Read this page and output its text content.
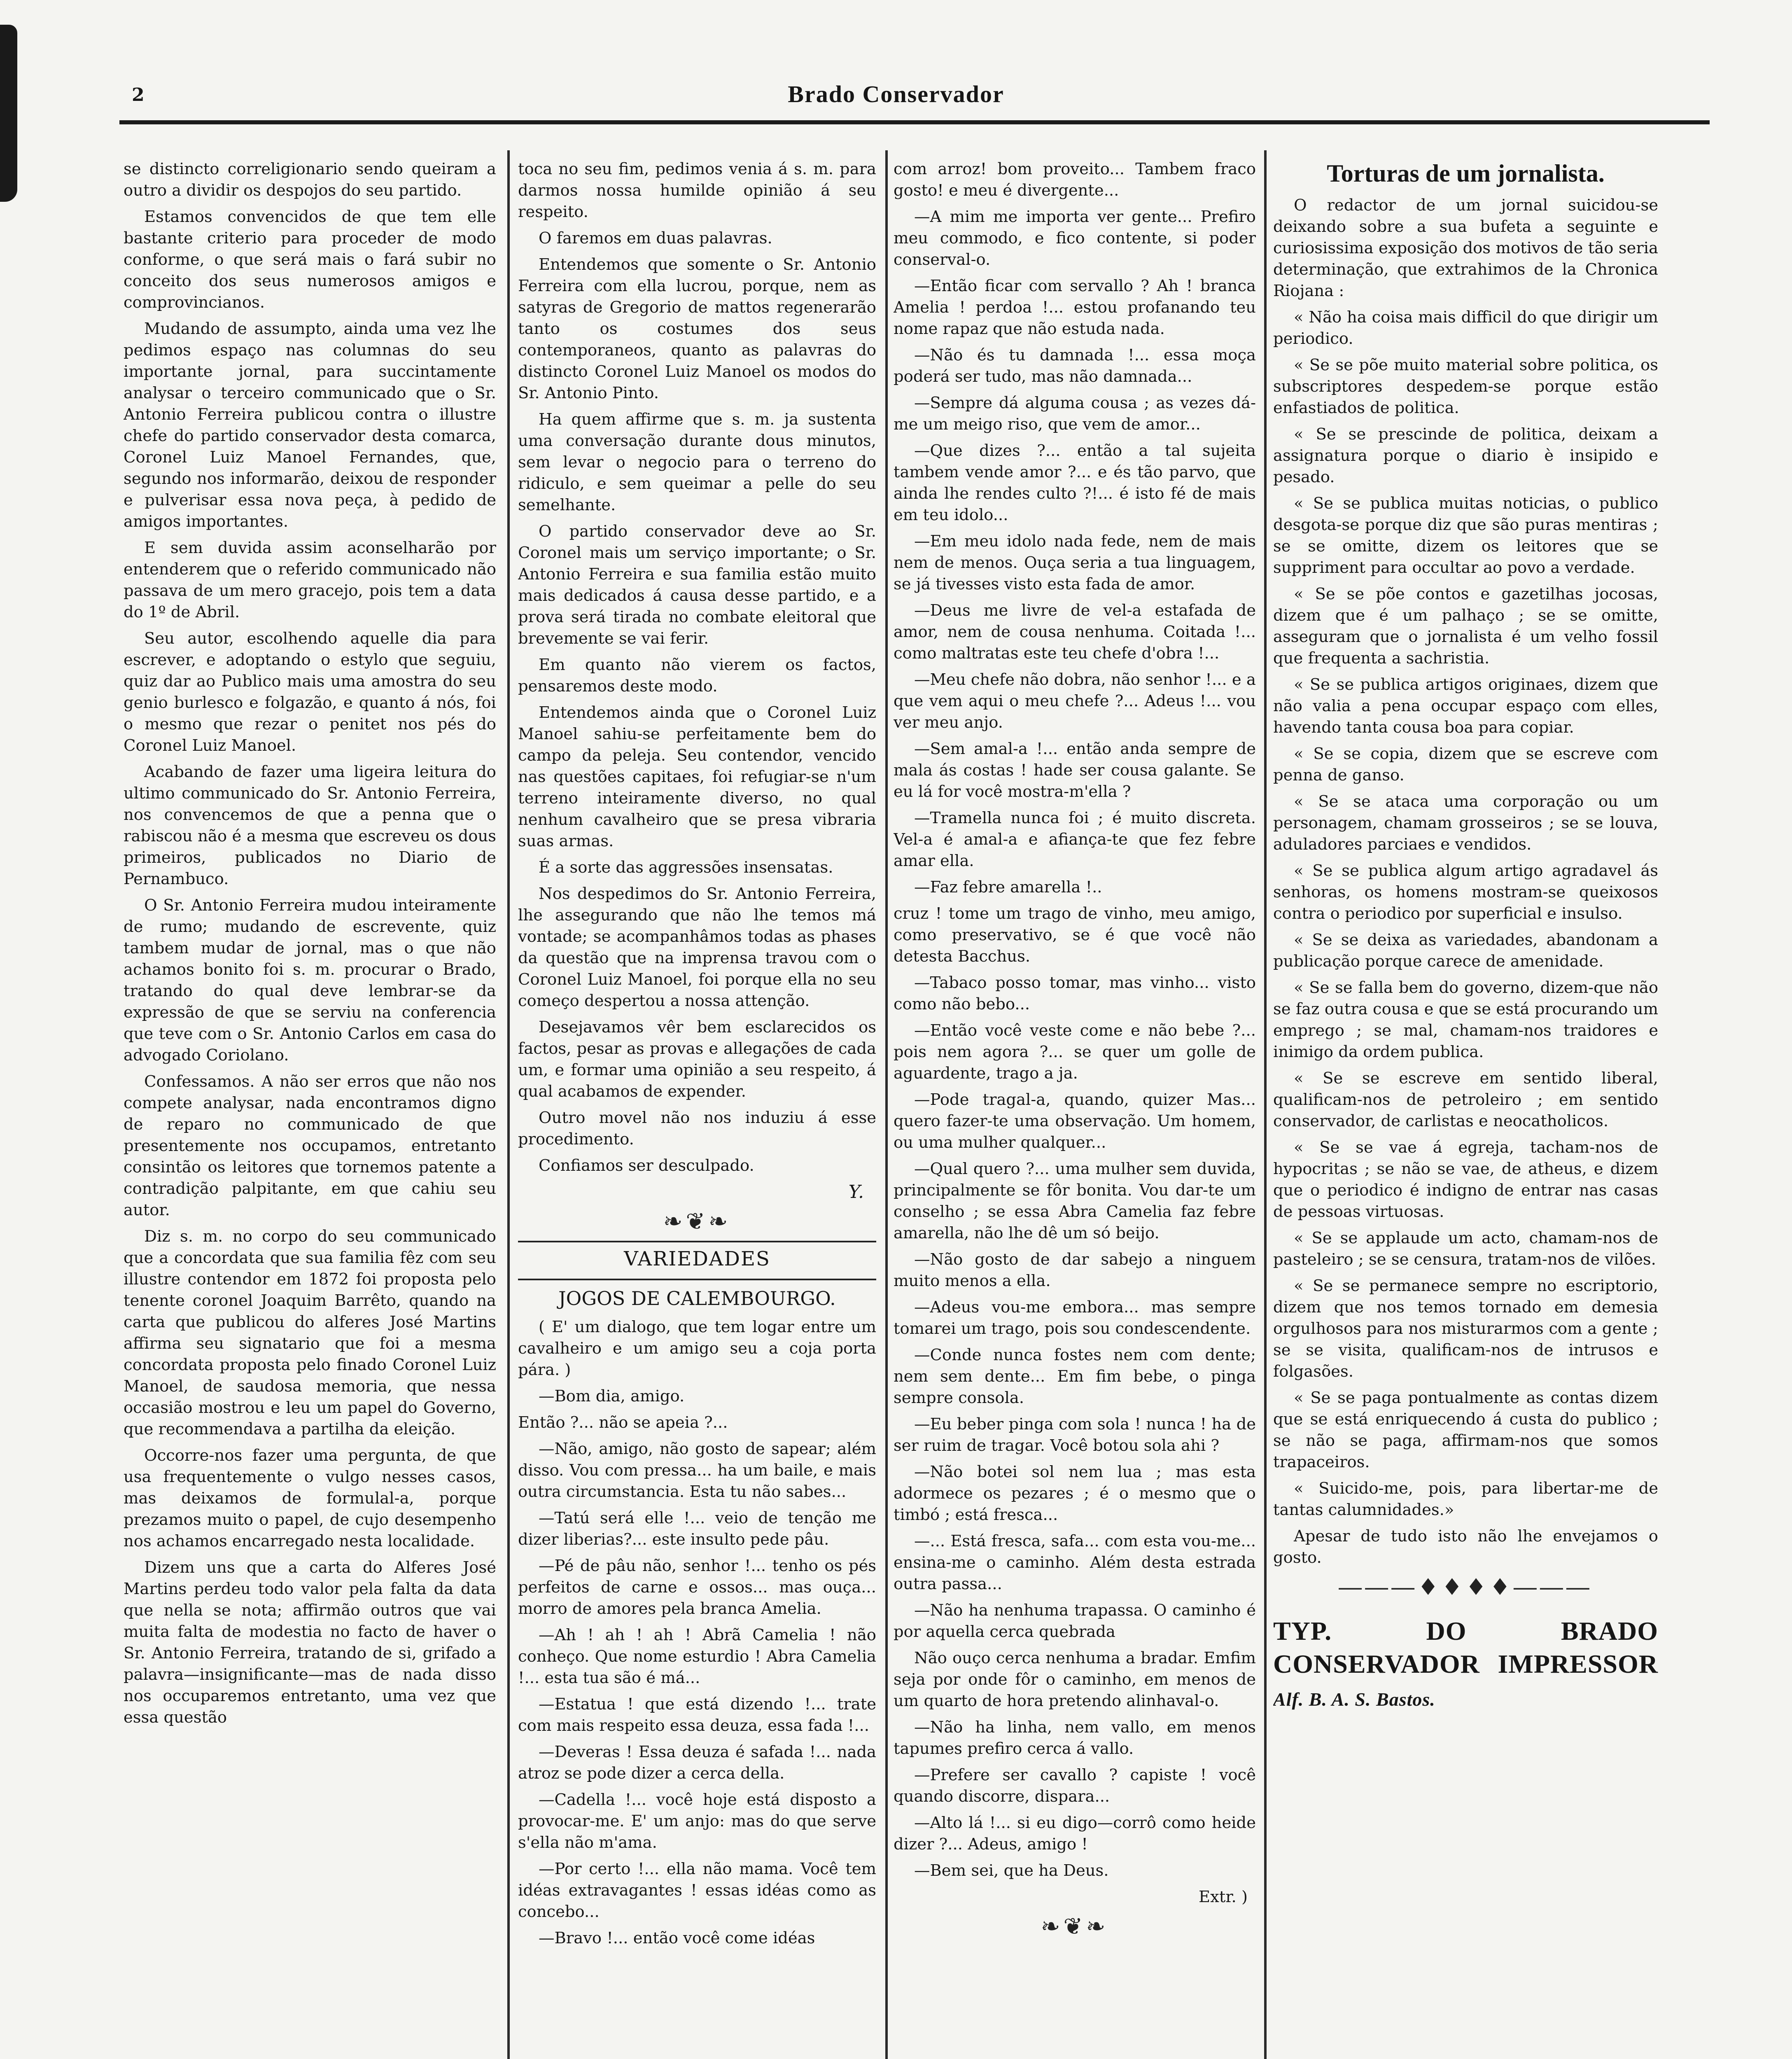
2	Brado Conservador

se distincto correligionario sendo queiram a outro a dividir os despojos do seu partido.

Estamos convencidos de que tem elle bastante criterio para proceder de modo conforme, o que será mais o fará subir no conceito dos seus numerosos amigos e comprovincianos.

Mudando de assumpto, ainda uma vez lhe pedimos espaço nas columnas do seu importante jornal, para succintamente analysar o terceiro communicado que o Sr. Antonio Ferreira publicou contra o illustre chefe do partido conservador desta comarca, Coronel Luiz Manoel Fernandes, que, segundo nos informarão, deixou de responder e pulverisar essa nova peça, à pedido de amigos importantes.

E sem duvida assim aconselharão por entenderem que o referido communicado não passava de um mero gracejo, pois tem a data do 1º de Abril.

Seu autor, escolhendo aquelle dia para escrever, e adoptando o estylo que seguiu, quiz dar ao Publico mais uma amostra do seu genio burlesco e folgazão, e quanto á nós, foi o mesmo que rezar o penitet nos pés do Coronel Luiz Manoel.

Acabando de fazer uma ligeira leitura do ultimo communicado do Sr. Antonio Ferreira, nos convencemos de que a penna que o rabiscou não é a mesma que escreveu os dous primeiros, publicados no Diario de Pernambuco.

O Sr. Antonio Ferreira mudou inteiramente de rumo; mudando de escrevente, quiz tambem mudar de jornal, mas o que não achamos bonito foi s. m. procurar o Brado, tratando do qual deve lembrar-se da expressão de que se serviu na conferencia que teve com o Sr. Antonio Carlos em casa do advogado Coriolano.

Confessamos. A não ser erros que não nos compete analysar, nada encontramos digno de reparo no communicado de que presentemente nos occupamos, entretanto consintão os leitores que tornemos patente a contradição palpitante, em que cahiu seu autor.

Diz s. m. no corpo do seu communicado que a concordata que sua familia fêz com seu illustre contendor em 1872 foi proposta pelo tenente coronel Joaquim Barrêto, quando na carta que publicou do alferes José Martins affirma seu signatario que foi a mesma concordata proposta pelo finado Coronel Luiz Manoel, de saudosa memoria, que nessa occasião mostrou e leu um papel do Governo, que recommendava a partilha da eleição.

Occorre-nos fazer uma pergunta, de que usa frequentemente o vulgo nesses casos, mas deixamos de formulal-a, porque prezamos muito o papel, de cujo desempenho nos achamos encarregado nesta localidade.

Dizem uns que a carta do Alferes José Martins perdeu todo valor pela falta da data que nella se nota; affirmão outros que vai muita falta de modestia no facto de haver o Sr. Antonio Ferreira, tratando de si, grifado a palavra—insignificante—mas de nada disso nos occuparemos entretanto, uma vez que essa questão

toca no seu fim, pedimos venia á s. m. para darmos nossa humilde opinião á seu respeito.

O faremos em duas palavras.

Entendemos que somente o Sr. Antonio Ferreira com ella lucrou, porque, nem as satyras de Gregorio de mattos regenerarão tanto os costumes dos seus contemporaneos, quanto as palavras do distincto Coronel Luiz Manoel os modos do Sr. Antonio Pinto.

Ha quem affirme que s. m. ja sustenta uma conversação durante dous minutos, sem levar o negocio para o terreno do ridiculo, e sem queimar a pelle do seu semelhante.

O partido conservador deve ao Sr. Coronel mais um serviço importante; o Sr. Antonio Ferreira e sua familia estão muito mais dedicados á causa desse partido, e a prova será tirada no combate eleitoral que brevemente se vai ferir.

Em quanto não vierem os factos, pensaremos deste modo.

Entendemos ainda que o Coronel Luiz Manoel sahiu-se perfeitamente bem do campo da peleja. Seu contendor, vencido nas questões capitaes, foi refugiar-se n'um terreno inteiramente diverso, no qual nenhum cavalheiro que se presa vibraria suas armas.

É a sorte das aggressões insensatas.

Nos despedimos do Sr. Antonio Ferreira, lhe assegurando que não lhe temos má vontade; se acompanhâmos todas as phases da questão que na imprensa travou com o Coronel Luiz Manoel, foi porque ella no seu começo despertou a nossa attenção.

Desejavamos vêr bem esclarecidos os factos, pesar as provas e allegações de cada um, e formar uma opinião a seu respeito, á qual acabamos de expender.

Outro movel não nos induziu á esse procedimento.

Confiamos ser desculpado.

Y.
❧❦❧
VARIEDADES
JOGOS DE CALEMBOURGO.

( E' um dialogo, que tem logar entre um cavalheiro e um amigo seu a coja porta pára. )

—Bom dia, amigo.

Então ?... não se apeia ?...

—Não, amigo, não gosto de sapear; além disso. Vou com pressa... ha um baile, e mais outra circumstancia. Esta tu não sabes...

—Tatú será elle !... veio de tenção me dizer liberias?... este insulto pede pâu.

—Pé de pâu não, senhor !... tenho os pés perfeitos de carne e ossos... mas ouça... morro de amores pela branca Amelia.

—Ah ! ah ! ah ! Abrã Camelia ! não conheço. Que nome esturdio ! Abra Camelia !... esta tua são é má...

—Estatua ! que está dizendo !... trate com mais respeito essa deuza, essa fada !...

—Deveras ! Essa deuza é safada !... nada atroz se pode dizer a cerca della.

—Cadella !... você hoje está disposto a provocar-me. E' um anjo: mas do que serve s'ella não m'ama.

—Por certo !... ella não mama. Você tem idéas extravagantes ! essas idéas como as concebo...

—Bravo !... então você come idéas

com arroz! bom proveito... Tambem fraco gosto! e meu é divergente...

—A mim me importa ver gente... Prefiro meu commodo, e fico contente, si poder conserval-o.

—Então ficar com servallo ? Ah ! branca Amelia ! perdoa !... estou profanando teu nome rapaz que não estuda nada.

—Não és tu damnada !... essa moça poderá ser tudo, mas não damnada...

—Sempre dá alguma cousa ; as vezes dá-me um meigo riso, que vem de amor...

—Que dizes ?... então a tal sujeita tambem vende amor ?... e és tão parvo, que ainda lhe rendes culto ?!... é isto fé de mais em teu idolo...

—Em meu idolo nada fede, nem de mais nem de menos. Ouça seria a tua linguagem, se já tivesses visto esta fada de amor.

—Deus me livre de vel-a estafada de amor, nem de cousa nenhuma. Coitada !... como maltratas este teu chefe d'obra !...

—Meu chefe não dobra, não senhor !... e a que vem aqui o meu chefe ?... Adeus !... vou ver meu anjo.

—Sem amal-a !... então anda sempre de mala ás costas ! hade ser cousa galante. Se eu lá for você mostra-m'ella ?

—Tramella nunca foi ; é muito discreta. Vel-a é amal-a e afiança-te que fez febre amar ella.

—Faz febre amarella !..

cruz ! tome um trago de vinho, meu amigo, como preservativo, se é que você não detesta Bacchus.

—Tabaco posso tomar, mas vinho... visto como não bebo...

—Então você veste come e não bebe ?... pois nem agora ?... se quer um golle de aguardente, trago a ja.

—Pode tragal-a, quando, quizer Mas... quero fazer-te uma observação. Um homem, ou uma mulher qualquer...

—Qual quero ?... uma mulher sem duvida, principalmente se fôr bonita. Vou dar-te um conselho ; se essa Abra Camelia faz febre amarella, não lhe dê um só beijo.

—Não gosto de dar sabejo a ninguem muito menos a ella.

—Adeus vou-me embora... mas sempre tomarei um trago, pois sou condescendente.

—Conde nunca fostes nem com dente; nem sem dente... Em fim bebe, o pinga sempre consola.

—Eu beber pinga com sola ! nunca ! ha de ser ruim de tragar. Você botou sola ahi ?

—Não botei sol nem lua ; mas esta adormece os pezares ; é o mesmo que o timbó ; está fresca...

—... Está fresca, safa... com esta vou-me... ensina-me o caminho. Além desta estrada outra passa...

—Não ha nenhuma trapassa. O caminho é por aquella cerca quebrada

Não ouço cerca nenhuma a bradar. Emfim seja por onde fôr o caminho, em menos de um quarto de hora pretendo alinhaval-o.

—Não ha linha, nem vallo, em menos tapumes prefiro cerca á vallo.

—Prefere ser cavallo ? capiste ! você quando discorre, dispara...

—Alto lá !... si eu digo—corrô como heide dizer ?... Adeus, amigo !

—Bem sei, que ha Deus.

Extr. )
❧❦❧
Torturas de um jornalista.

O redactor de um jornal suicidou-se deixando sobre a sua bufeta a seguinte e curiosissima exposição dos motivos de tão seria determinação, que extrahimos de la Chronica Riojana :

« Não ha coisa mais difficil do que dirigir um periodico.

« Se se põe muito material sobre politica, os subscriptores despedem-se porque estão enfastiados de politica.

« Se se prescinde de politica, deixam a assignatura porque o diario è insipido e pesado.

« Se se publica muitas noticias, o publico desgota-se porque diz que são puras mentiras ; se se omitte, dizem os leitores que se suppriment para occultar ao povo a verdade.

« Se se põe contos e gazetilhas jocosas, dizem que é um palhaço ; se se omitte, asseguram que o jornalista é um velho fossil que frequenta a sachristia.

« Se se publica artigos originaes, dizem que não valia a pena occupar espaço com elles, havendo tanta cousa boa para copiar.

« Se se copia, dizem que se escreve com penna de ganso.

« Se se ataca uma corporação ou um personagem, chamam grosseiros ; se se louva, aduladores parciaes e vendidos.

« Se se publica algum artigo agradavel ás senhoras, os homens mostram-se queixosos contra o periodico por superficial e insulso.

« Se se deixa as variedades, abandonam a publicação porque carece de amenidade.

« Se se falla bem do governo, dizem-que não se faz outra cousa e que se está procurando um emprego ; se mal, chamam-nos traidores e inimigo da ordem publica.

« Se se escreve em sentido liberal, qualificam-nos de petroleiro ; em sentido conservador, de carlistas e neocatholicos.

« Se se vae á egreja, tacham-nos de hypocritas ; se não se vae, de atheus, e dizem que o periodico é indigno de entrar nas casas de pessoas virtuosas.

« Se se applaude um acto, chamam-nos de pasteleiro ; se se censura, tratam-nos de vilões.

« Se se permanece sempre no escriptorio, dizem que nos temos tornado em demesia orgulhosos para nos misturarmos com a gente ; se se visita, qualificam-nos de intrusos e folgasões.

« Se se paga pontualmente as contas dizem que se está enriquecendo á custa do publico ; se não se paga, affirmam-nos que somos trapaceiros.

« Suicido-me, pois, para libertar-me de tantas calumnidades.»

Apesar de tudo isto não lhe envejamos o gosto.

―――♦♦♦♦―――
TYP. DO BRADO CONSERVADOR IMPRESSOR Alf. B. A. S. Bastos.
